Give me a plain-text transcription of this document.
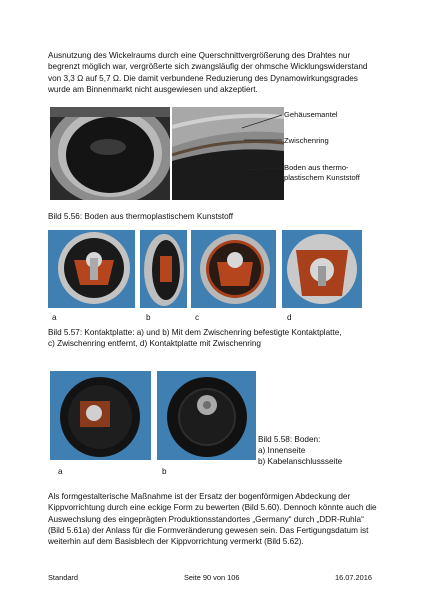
Ausnutzung des Wickelraums durch eine Querschnittvergrößerung des Drahtes nur begrenzt möglich war, vergrößerte sich zwangsläufig der ohmsche Wicklungswiderstand von 3,3 Ω auf 5,7 Ω. Die damit verbundene Reduzierung des Dynamowirkungsgrades wurde am Binnenmarkt nicht ausgewiesen und akzeptiert.
Gehäusemantel
Zwischenring
Boden aus thermo-
plastischem Kunststoff
Bild 5.56: Boden aus thermoplastischem Kunststoff
a	b	c	d
Bild 5.57: Kontaktplatte: a) und b) Mit dem Zwischenring befestigte Kontaktplatte,
c) Zwischenring entfernt, d) Kontaktplatte mit Zwischenring
a	b
Bild 5.58: Boden:
a) Innenseite
b) Kabelanschlussseite
Als formgestalterische Maßnahme ist der Ersatz der bogenförmigen Abdeckung der Kippvorrichtung durch eine eckige Form zu bewerten (Bild 5.60). Dennoch könnte auch die Auswechslung des eingeprägten Produktionsstandortes „Germany“ durch „DDR-Ruhla“ (Bild 5.61a) der Anlass für die Formveränderung gewesen sein. Das Fertigungsdatum ist weiterhin auf dem Basisblech der Kippvorrichtung vermerkt (Bild 5.62).
Standard	Seite 90 von 106	16.07.2016
